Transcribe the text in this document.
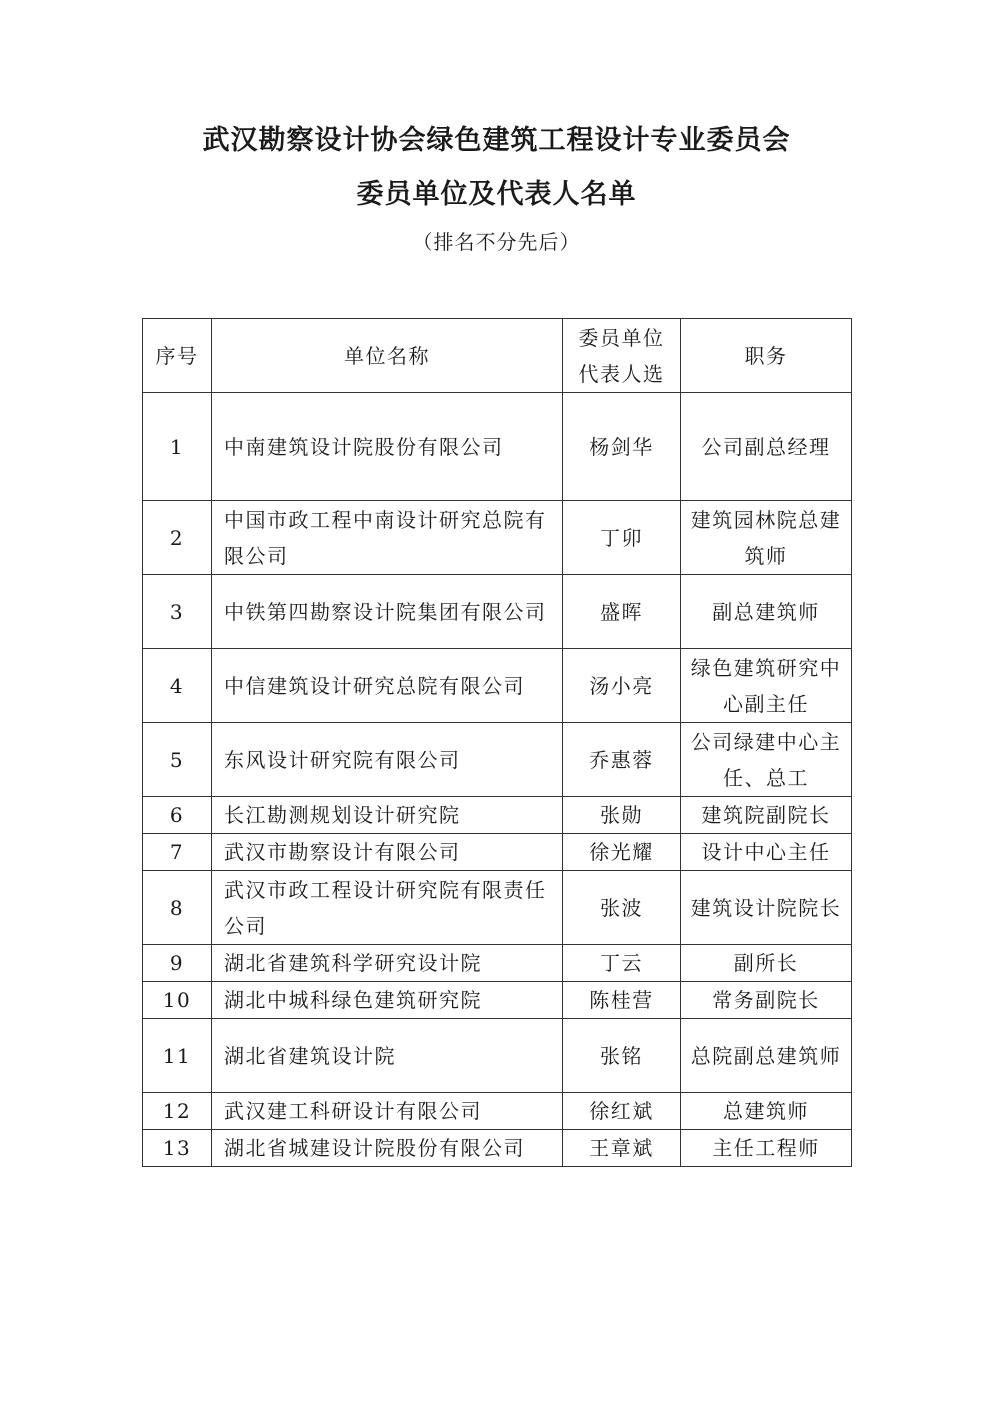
武汉勘察设计协会绿色建筑工程设计专业委员会
委员单位及代表人名单
（排名不分先后）
序号	单位名称	委员单位代表人选	职务
1	中南建筑设计院股份有限公司	杨剑华	公司副总经理
2	中国市政工程中南设计研究总院有限公司	丁卯	建筑园林院总建筑师
3	中铁第四勘察设计院集团有限公司	盛晖	副总建筑师
4	中信建筑设计研究总院有限公司	汤小亮	绿色建筑研究中心副主任
5	东风设计研究院有限公司	乔惠蓉	公司绿建中心主任、总工
6	长江勘测规划设计研究院	张勋	建筑院副院长
7	武汉市勘察设计有限公司	徐光耀	设计中心主任
8	武汉市政工程设计研究院有限责任公司	张波	建筑设计院院长
9	湖北省建筑科学研究设计院	丁云	副所长
10	湖北中城科绿色建筑研究院	陈桂营	常务副院长
11	湖北省建筑设计院	张铭	总院副总建筑师
12	武汉建工科研设计有限公司	徐红斌	总建筑师
13	湖北省城建设计院股份有限公司	王章斌	主任工程师
